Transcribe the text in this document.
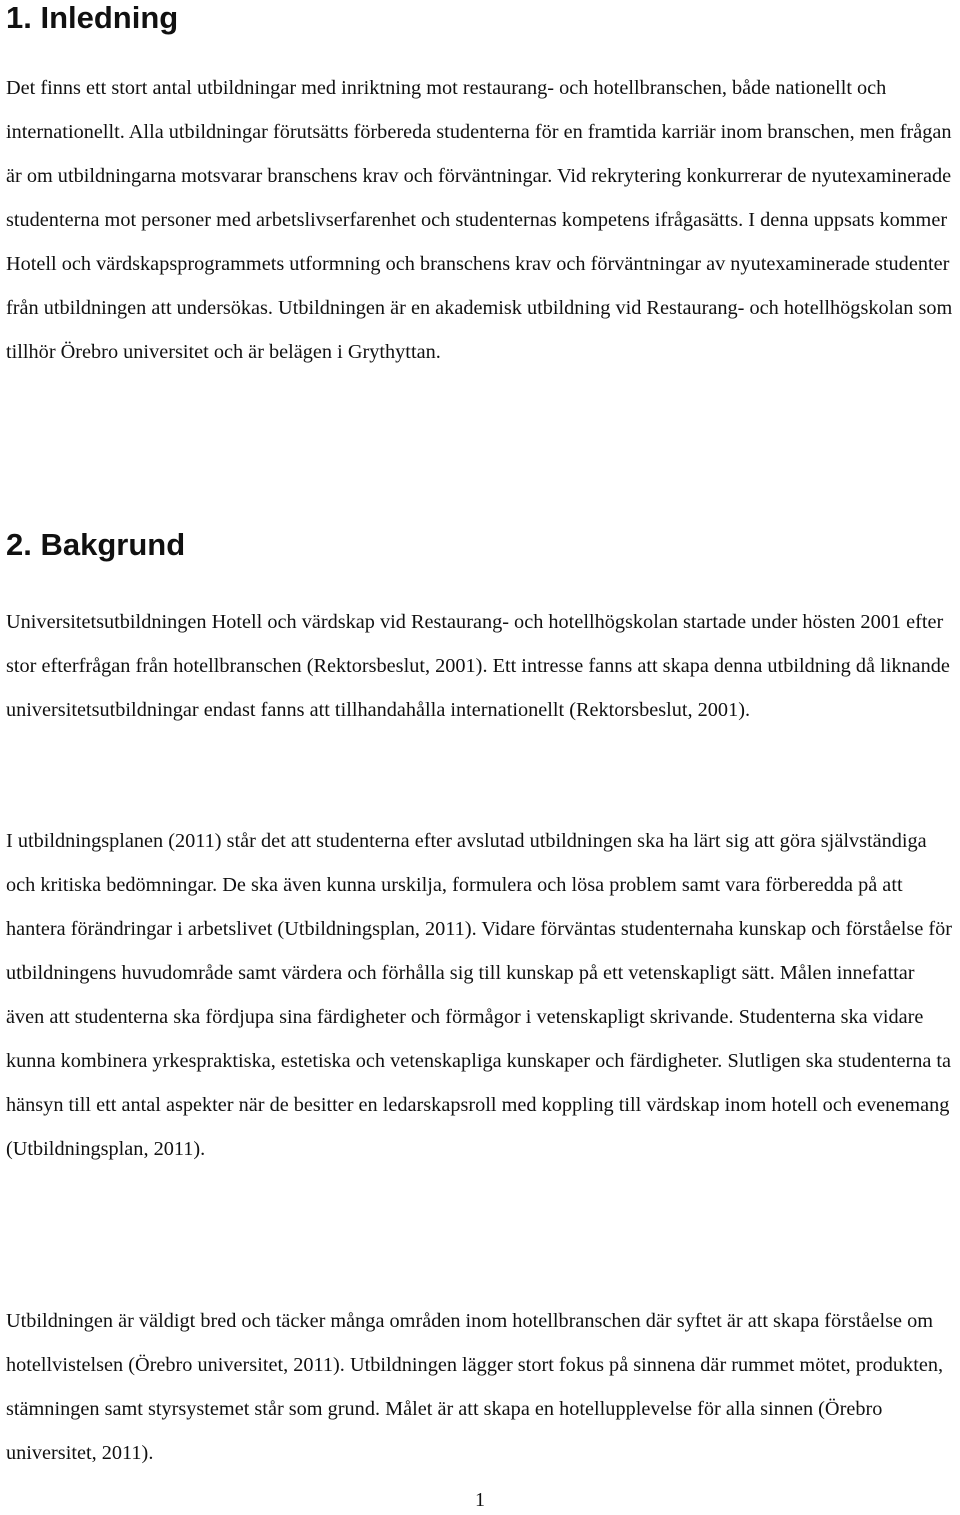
1. Inledning

Det finns ett stort antal utbildningar med inriktning mot restaurang- och hotellbranschen, både nationellt och internationellt. Alla utbildningar förutsätts förbereda studenterna för en framtida karriär inom branschen, men frågan är om utbildningarna motsvarar branschens krav och förväntningar. Vid rekrytering konkurrerar de nyutexaminerade studenterna mot personer med arbetslivserfarenhet och studenternas kompetens ifrågasätts. I denna uppsats kommer Hotell och värdskapsprogrammets utformning och branschens krav och förväntningar av nyutexaminerade studenter från utbildningen att undersökas. Utbildningen är en akademisk utbildning vid Restaurang- och hotellhögskolan som tillhör Örebro universitet och är belägen i Grythyttan.

2. Bakgrund

Universitetsutbildningen Hotell och värdskap vid Restaurang- och hotellhögskolan startade under hösten 2001 efter stor efterfrågan från hotellbranschen (Rektorsbeslut, 2001). Ett intresse fanns att skapa denna utbildning då liknande universitetsutbildningar endast fanns att tillhandahålla internationellt (Rektorsbeslut, 2001).

I utbildningsplanen (2011) står det att studenterna efter avslutad utbildningen ska ha lärt sig att göra självständiga och kritiska bedömningar. De ska även kunna urskilja, formulera och lösa problem samt vara förberedda på att hantera förändringar i arbetslivet (Utbildningsplan, 2011). Vidare förväntas studenternaha kunskap och förståelse för utbildningens huvudområde samt värdera och förhålla sig till kunskap på ett vetenskapligt sätt. Målen innefattar även att studenterna ska fördjupa sina färdigheter och förmågor i vetenskapligt skrivande. Studenterna ska vidare kunna kombinera yrkespraktiska, estetiska och vetenskapliga kunskaper och färdigheter. Slutligen ska studenterna ta hänsyn till ett antal aspekter när de besitter en ledarskapsroll med koppling till värdskap inom hotell och evenemang (Utbildningsplan, 2011).

Utbildningen är väldigt bred och täcker många områden inom hotellbranschen där syftet är att skapa förståelse om hotellvistelsen (Örebro universitet, 2011). Utbildningen lägger stort fokus på sinnena där rummet mötet, produkten, stämningen samt styrsystemet står som grund. Målet är att skapa en hotellupplevelse för alla sinnen (Örebro universitet, 2011).

1
